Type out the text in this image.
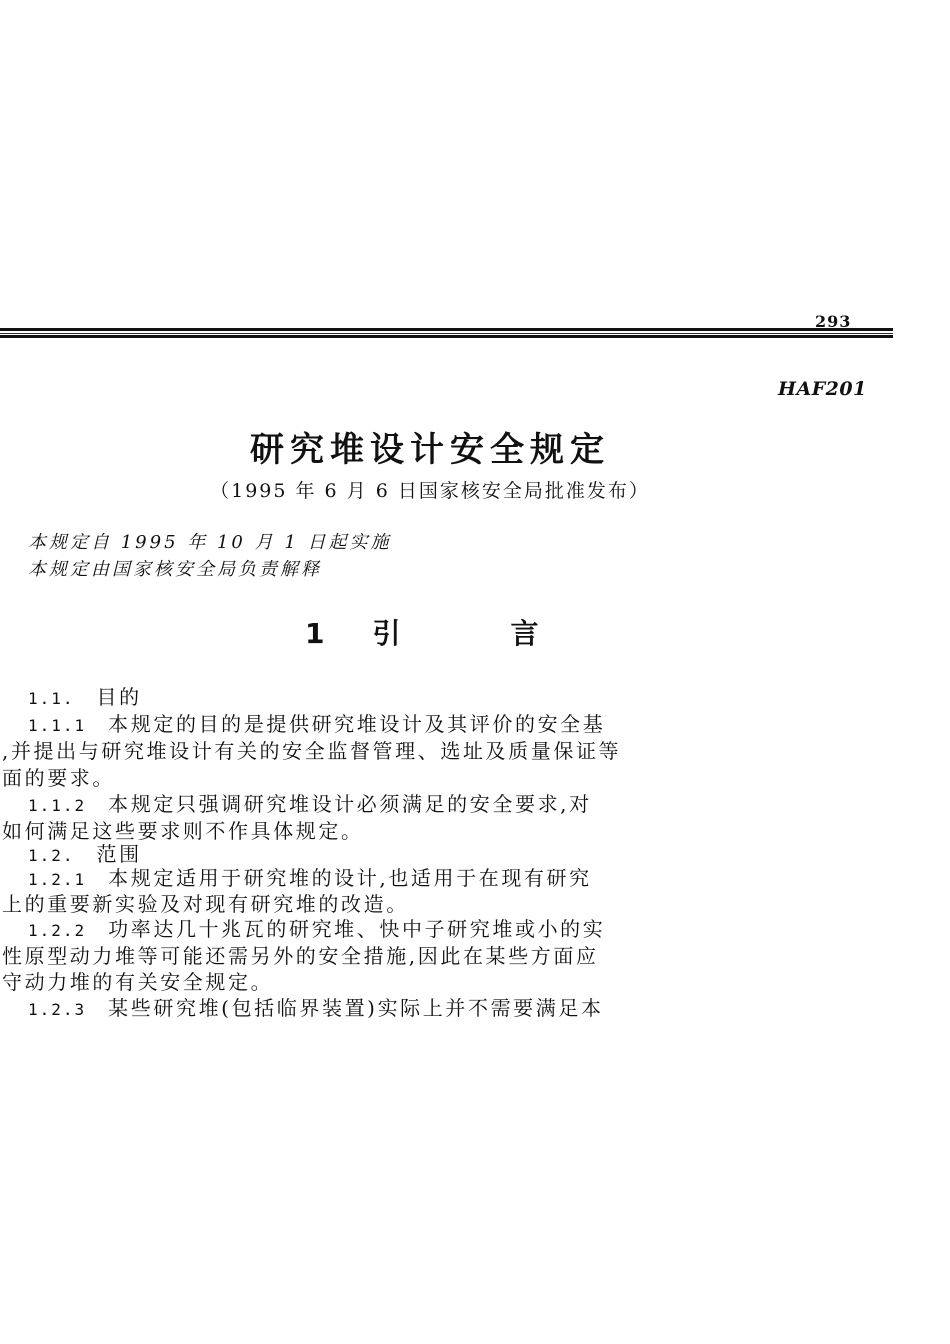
293
HAF201
研究堆设计安全规定
（1995 年 6 月 6 日国家核安全局批准发布）
本规定自 1995 年 10 月 1 日起实施
本规定由国家核安全局负责解释
1 引	言
1.1. 目的
1.1.1 本规定的目的是提供研究堆设计及其评价的安全基
,并提出与研究堆设计有关的安全监督管理、选址及质量保证等
面的要求。
1.1.2 本规定只强调研究堆设计必须满足的安全要求,对
如何满足这些要求则不作具体规定。
1.2. 范围
1.2.1 本规定适用于研究堆的设计,也适用于在现有研究
上的重要新实验及对现有研究堆的改造。
1.2.2 功率达几十兆瓦的研究堆、快中子研究堆或小的实
性原型动力堆等可能还需另外的安全措施,因此在某些方面应
守动力堆的有关安全规定。
1.2.3 某些研究堆(包括临界装置)实际上并不需要满足本
